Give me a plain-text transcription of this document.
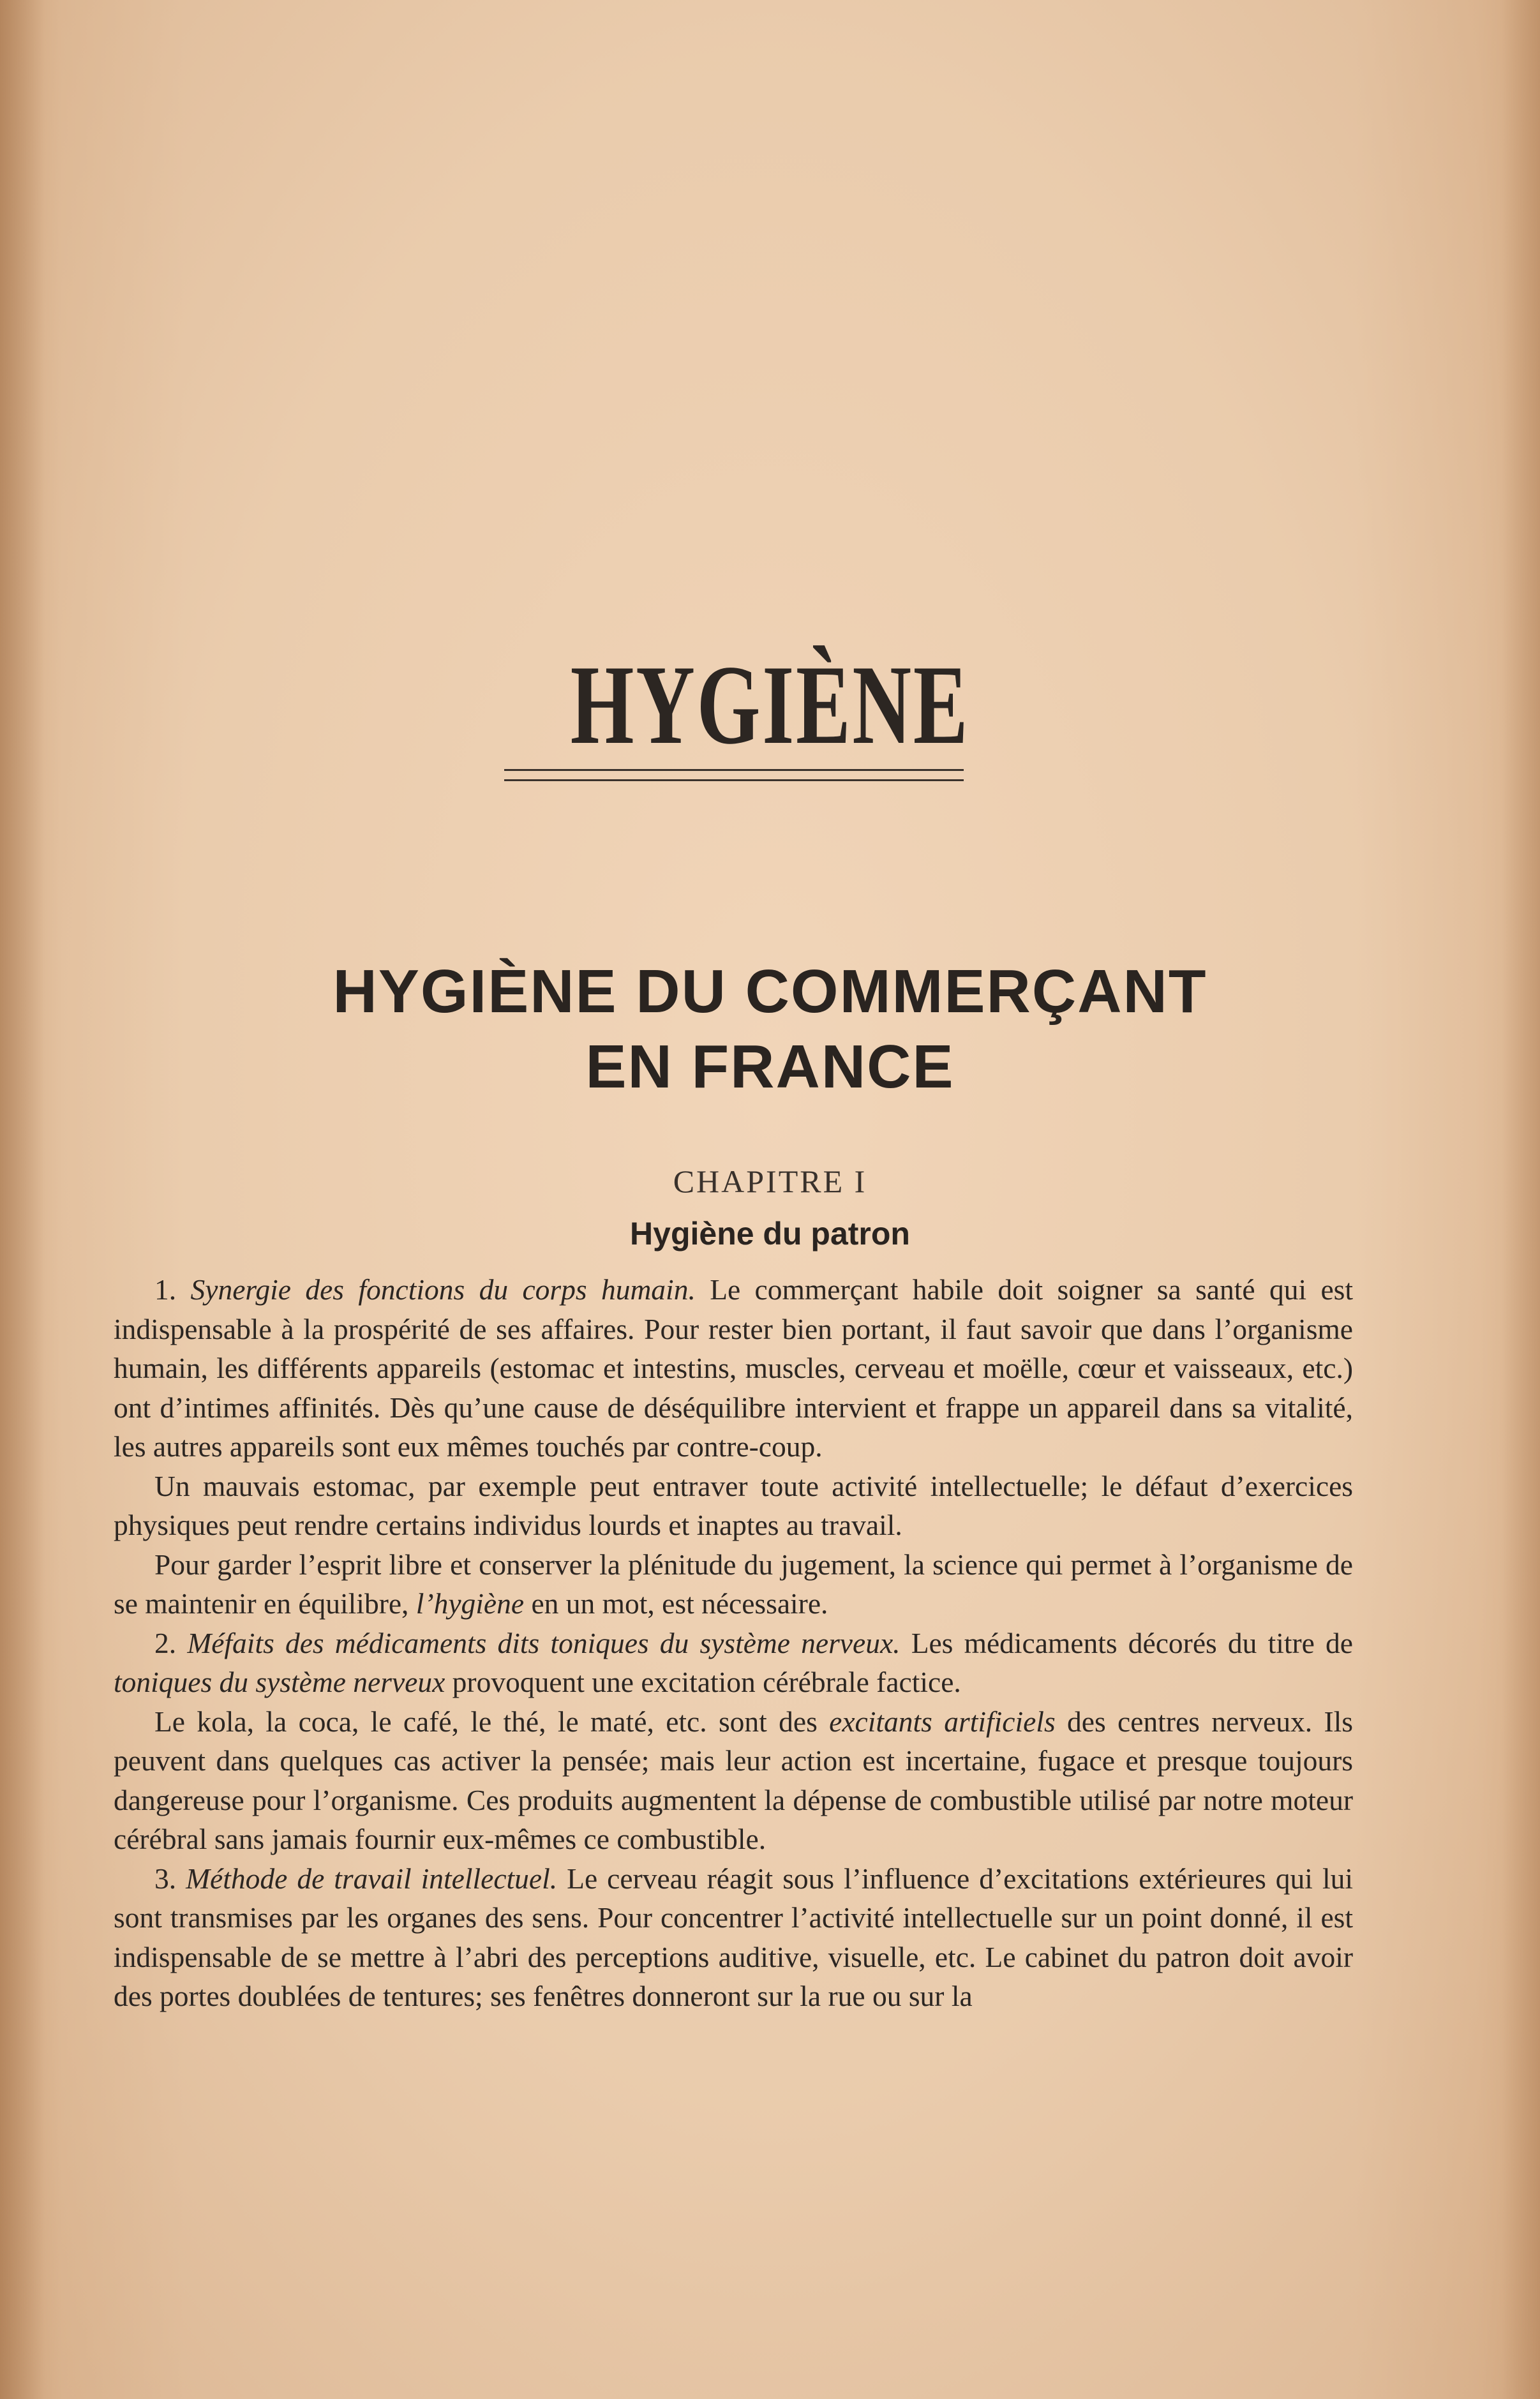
HYGIÈNE
HYGIÈNE DU COMMERÇANT
EN FRANCE
CHAPITRE I
Hygiène du patron

1. Synergie des fonctions du corps humain. Le commerçant habile doit soigner sa santé qui est indispensable à la prospérité de ses affaires. Pour rester bien portant, il faut savoir que dans l’organisme humain, les différents appareils (estomac et intestins, muscles, cerveau et moëlle, cœur et vaisseaux, etc.) ont d’intimes affinités. Dès qu’une cause de déséquilibre intervient et frappe un appareil dans sa vitalité, les autres appareils sont eux mêmes touchés par contre-coup.

Un mauvais estomac, par exemple peut entraver toute activité intellectuelle; le défaut d’exercices physiques peut rendre certains individus lourds et inaptes au travail.

Pour garder l’esprit libre et conserver la plénitude du jugement, la science qui permet à l’organisme de se maintenir en équilibre, l’hygiène en un mot, est nécessaire.

2. Méfaits des médicaments dits toniques du système nerveux. Les médicaments décorés du titre de toniques du système nerveux provoquent une excitation cérébrale factice.

Le kola, la coca, le café, le thé, le maté, etc. sont des excitants artificiels des centres nerveux. Ils peuvent dans quelques cas activer la pensée; mais leur action est incertaine, fugace et presque toujours dangereuse pour l’organisme. Ces produits augmentent la dépense de combustible utilisé par notre moteur cérébral sans jamais fournir eux-mêmes ce combustible.

3. Méthode de travail intellectuel. Le cerveau réagit sous l’influence d’excitations extérieures qui lui sont transmises par les organes des sens. Pour concentrer l’activité intellectuelle sur un point donné, il est indispensable de se mettre à l’abri des perceptions auditive, visuelle, etc. Le cabinet du patron doit avoir des portes doublées de tentures; ses fenêtres donneront sur la rue ou sur la
